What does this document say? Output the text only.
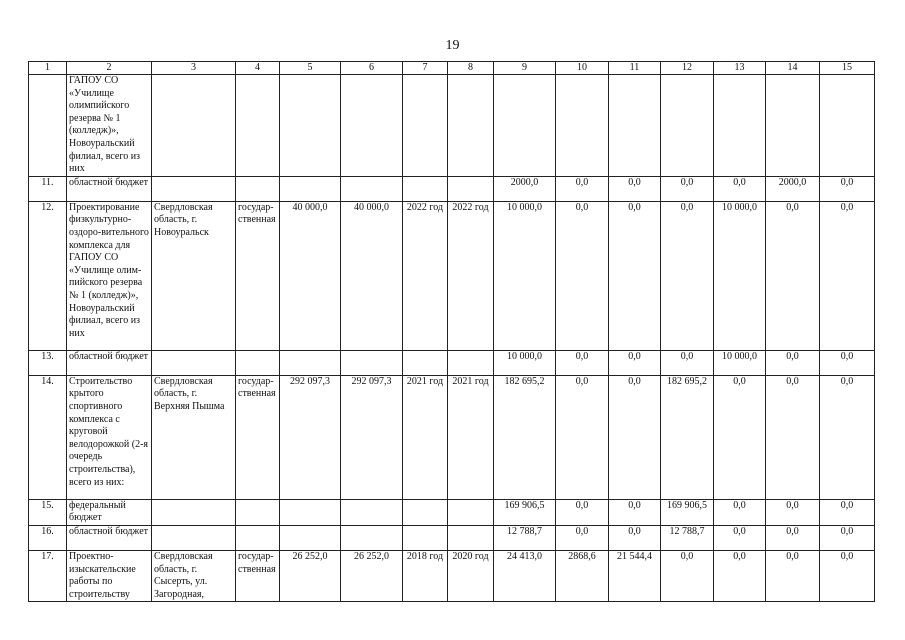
19
1	2	3	4	5	6	7	8	9	10	11	12	13	14	15
	ГАПОУ СО «Училище олимпийского резерва № 1 (колледж)», Новоуральский филиал, всего из них													
11.	областной бюджет							2000,0	0,0	0,0	0,0	0,0	2000,0	0,0
12.	Проектирование физкультурно-оздоро-вительного комплекса для ГАПОУ СО «Училище олим-пийского резерва № 1 (колледж)», Новоуральский филиал, всего из них	Свердловская область, г. Новоуральск	государ-ственная	40 000,0	40 000,0	2022 год	2022 год	10 000,0	0,0	0,0	0,0	10 000,0	0,0	0,0
13.	областной бюджет							10 000,0	0,0	0,0	0,0	10 000,0	0,0	0,0
14.	Строительство крытого спортивного комплекса с круговой велодорожкой (2-я очередь строительства), всего из них:	Свердловская область, г. Верхняя Пышма	государ-ственная	292 097,3	292 097,3	2021 год	2021 год	182 695,2	0,0	0,0	182 695,2	0,0	0,0	0,0
15.	федеральный бюджет							169 906,5	0,0	0,0	169 906,5	0,0	0,0	0,0
16.	областной бюджет							12 788,7	0,0	0,0	12 788,7	0,0	0,0	0,0
17.	Проектно-изыскательские работы по строительству	Свердловская область, г. Сысерть, ул. Загородная,	государ-ственная	26 252,0	26 252,0	2018 год	2020 год	24 413,0	2868,6	21 544,4	0,0	0,0	0,0	0,0
